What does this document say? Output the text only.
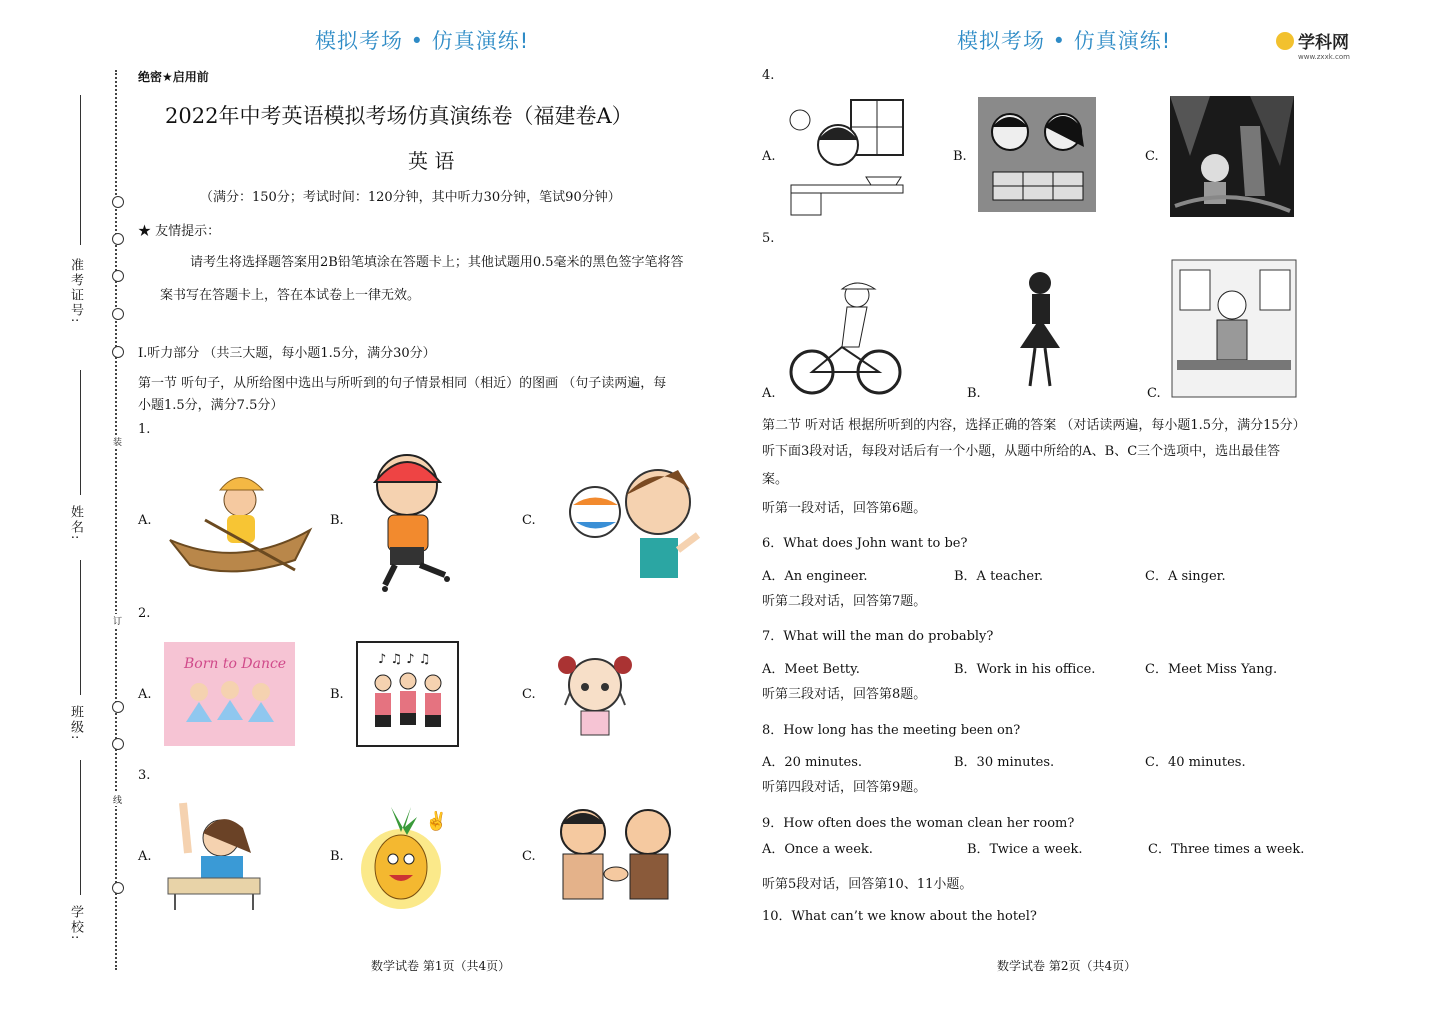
模拟考场 • 仿真演练!	模拟考场 • 仿真演练!	学科网
www.zxxk.com
装
订
线
准考证号:
姓名:
班级:
学校:
绝密★启用前
2022年中考英语模拟考场仿真演练卷（福建卷A）
英 语
（满分：150分；考试时间：120分钟，其中听力30分钟，笔试90分钟）
★ 友情提示：
请考生将选择题答案用2B铅笔填涂在答题卡上；其他试题用0.5毫米的黑色签字笔将答
案书写在答题卡上，答在本试卷上一律无效。
I.听力部分 （共三大题，每小题1.5分，满分30分）
第一节 听句子，从所给图中选出与所听到的句子情景相同（相近）的图画 （句子读两遍，每
小题1.5分，满分7.5分）
1.
A.	B.	C.
2.
A.	B.	C.
Born to Dance	♪ ♫ ♪ ♫
3.
A.	B.	C.
✌
数学试卷 第1页（共4页）
4.
A.	B.	C.
5.
A.	B.	C.
第二节 听对话 根据所听到的内容，选择正确的答案 （对话读两遍，每小题1.5分，满分15分）
听下面3段对话，每段对话后有一个小题，从题中所给的A、B、C三个选项中，选出最佳答
案。
听第一段对话，回答第6题。
6．What does John want to be?
A．An engineer.	B．A teacher.	C．A singer.
听第二段对话，回答第7题。
7．What will the man do probably?
A．Meet Betty.	B．Work in his office.	C．Meet Miss Yang.
听第三段对话，回答第8题。
8．How long has the meeting been on?
A．20 minutes.	B．30 minutes.	C．40 minutes.
听第四段对话，回答第9题。
9．How often does the woman clean her room?
A．Once a week.	B．Twice a week.	C．Three times a week.
听第5段对话，回答第10、11小题。
10．What can’t we know about the hotel?
数学试卷 第2页（共4页）
